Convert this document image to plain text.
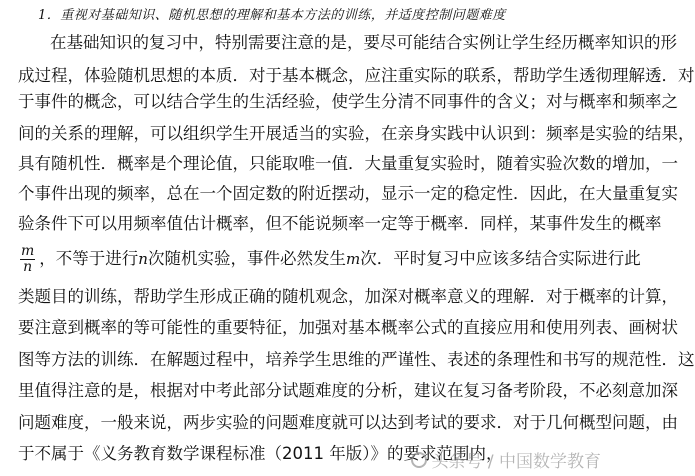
1．重视对基础知识、随机思想的理解和基本方法的训练，并适度控制问题难度
在基础知识的复习中，特别需要注意的是，要尽可能结合实例让学生经历概率知识的形
成过程，体验随机思想的本质．对于基本概念，应注重实际的联系，帮助学生透彻理解透．对
于事件的概念，可以结合学生的生活经验，使学生分清不同事件的含义；对与概率和频率之
间的关系的理解，可以组织学生开展适当的实验，在亲身实践中认识到：频率是实验的结果，
具有随机性．概率是个理论值，只能取唯一值．大量重复实验时，随着实验次数的增加，一
个事件出现的频率，总在一个固定数的附近摆动，显示一定的稳定性．因此，在大量重复实
验条件下可以用频率值估计概率，但不能说频率一定等于概率．同样，某事件发生的概率
$\frac{m}{n}$ ，不等于进行n次随机实验，事件必然发生m次．平时复习中应该多结合实际进行此
类题目的训练，帮助学生形成正确的随机观念，加深对概率意义的理解．对于概率的计算，
要注意到概率的等可能性的重要特征，加强对基本概率公式的直接应用和使用列表、画树状
图等方法的训练．在解题过程中，培养学生思维的严谨性、表述的条理性和书写的规范性．这
里值得注意的是，根据对中考此部分试题难度的分析，建议在复习备考阶段，不必刻意加深
问题难度，一般来说，两步实验的问题难度就可以达到考试的要求．对于几何概型问题，由
于不属于《义务教育数学课程标准（2011 年版）》的要求范围内，
头条号 / 中国数学教育
